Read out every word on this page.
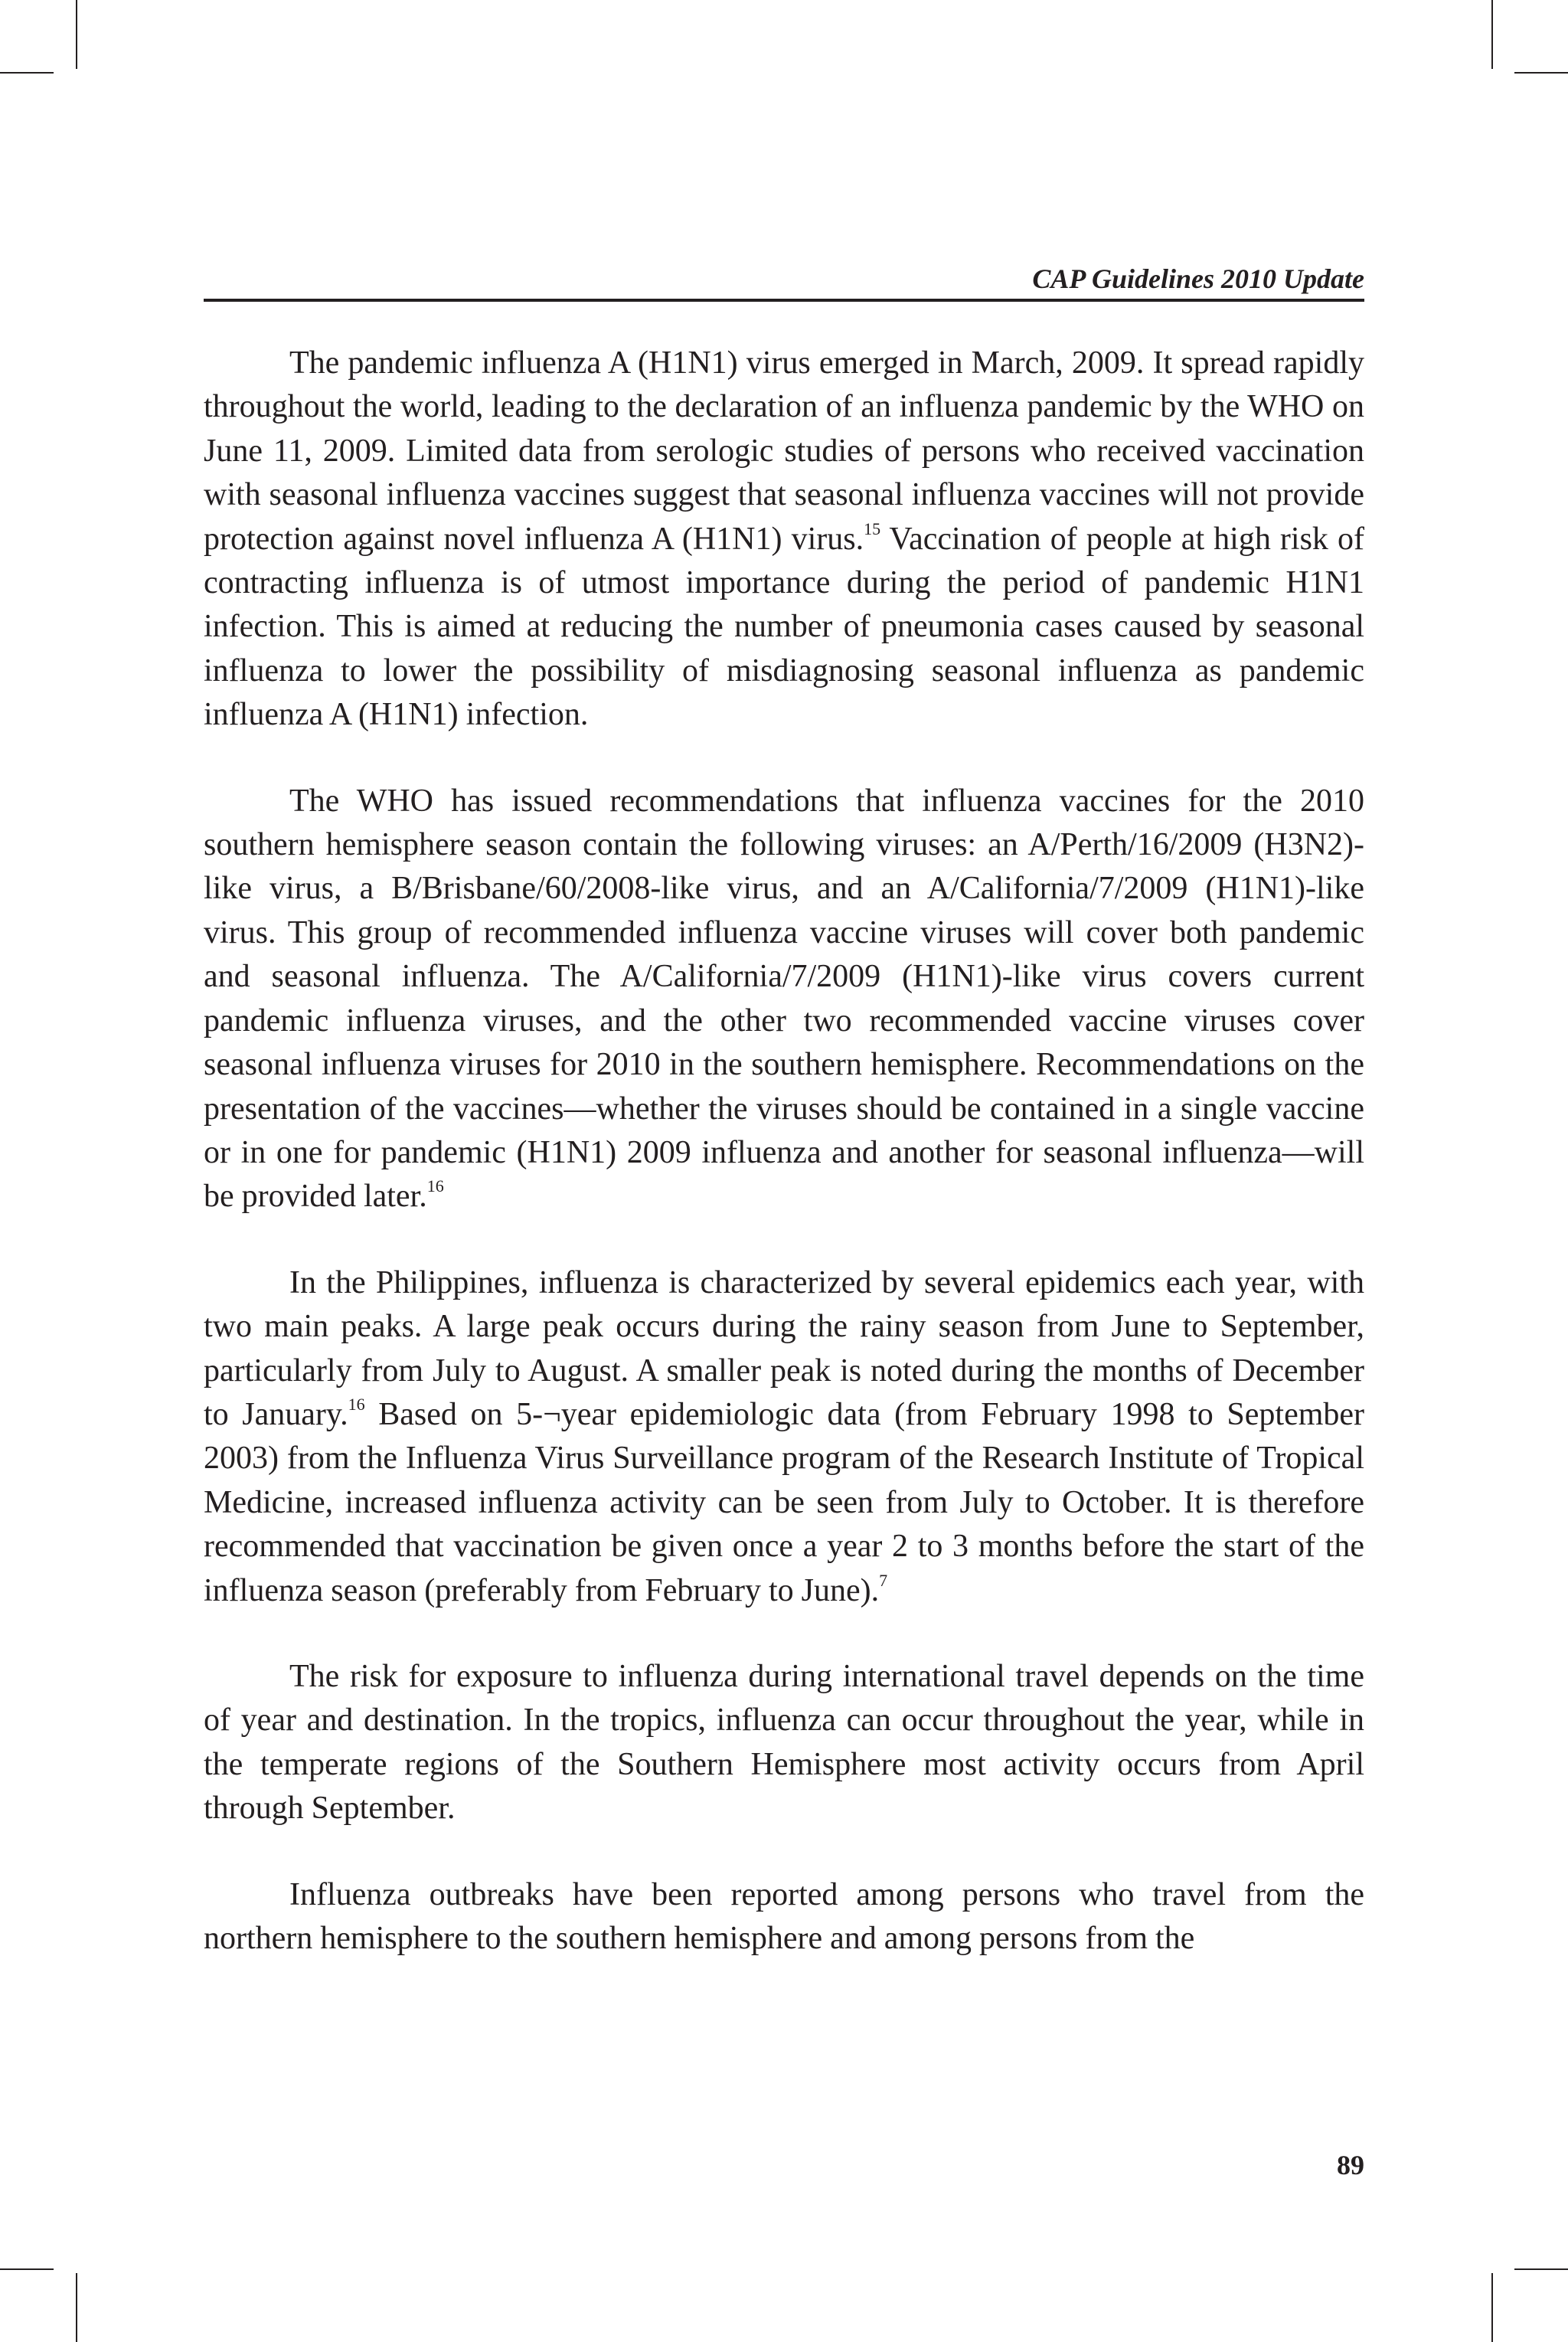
CAP Guidelines 2010 Update

The pandemic influenza A (H1N1) virus emerged in March, 2009. It spread rapidly throughout the world, leading to the declaration of an influenza pandemic by the WHO on June 11, 2009. Limited data from serologic studies of persons who received vaccination with seasonal influenza vaccines suggest that seasonal influenza vaccines will not provide protection against novel influenza A (H1N1) virus.$^{15}$ Vaccination of people at high risk of contracting influenza is of utmost importance during the period of pandemic H1N1 infection. This is aimed at reducing the number of pneumonia cases caused by seasonal influenza to lower the possibility of misdiagnosing seasonal influenza as pandemic influenza A (H1N1) infection.

The WHO has issued recommendations that influenza vaccines for the 2010 southern hemisphere season contain the following viruses: an A/Perth/16/2009 (H3N2)-like virus, a B/Brisbane/60/2008-like virus, and an A/California/7/2009 (H1N1)-like virus. This group of recommended influenza vaccine viruses will cover both pandemic and seasonal influenza. The A/California/7/2009 (H1N1)-like virus covers current pandemic influenza viruses, and the other two recommended vaccine viruses cover seasonal influenza viruses for 2010 in the southern hemisphere. Recommendations on the presentation of the vaccines—whether the viruses should be contained in a single vaccine or in one for pandemic (H1N1) 2009 influenza and another for seasonal influenza—will be provided later.$^{16}$

In the Philippines, influenza is characterized by several epidemics each year, with two main peaks. A large peak occurs during the rainy season from June to September, particularly from July to August. A smaller peak is noted during the months of December to January.$^{16}$ Based on 5-¬year epidemiologic data (from February 1998 to September 2003) from the Influenza Virus Surveillance program of the Research Institute of Tropical Medicine, increased influenza activity can be seen from July to October. It is therefore recommended that vaccination be given once a year 2 to 3 months before the start of the influenza season (preferably from February to June).$^7$

The risk for exposure to influenza during international travel depends on the time of year and destination. In the tropics, influenza can occur throughout the year, while in the temperate regions of the Southern Hemisphere most activity occurs from April through September.

Influenza outbreaks have been reported among persons who travel from the northern hemisphere to the southern hemisphere and among persons from the

89
